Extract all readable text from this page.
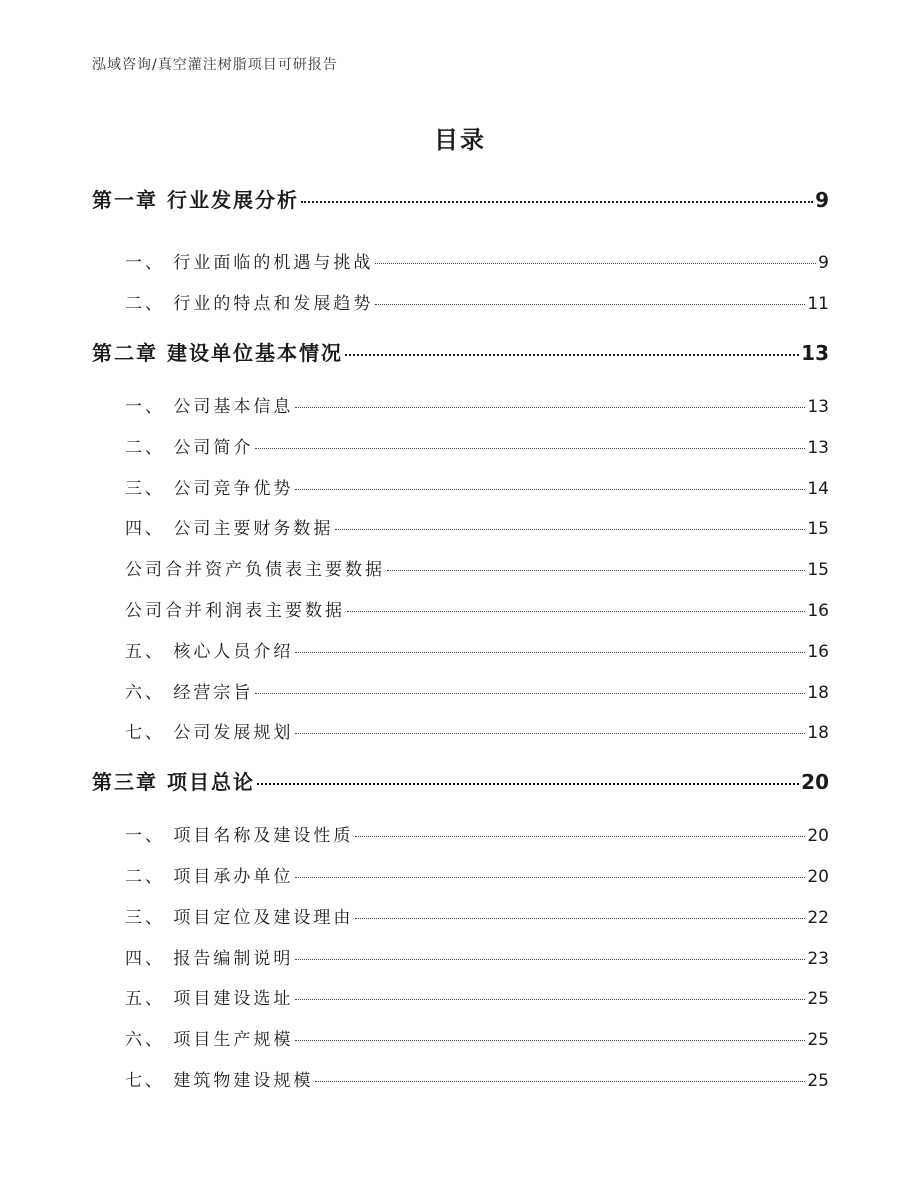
泓域咨询/真空灌注树脂项目可研报告
目录
第一章 行业发展分析	9
一、 行业面临的机遇与挑战	9
二、 行业的特点和发展趋势	11
第二章 建设单位基本情况	13
一、 公司基本信息	13
二、 公司简介	13
三、 公司竞争优势	14
四、 公司主要财务数据	15
公司合并资产负债表主要数据	15
公司合并利润表主要数据	16
五、 核心人员介绍	16
六、 经营宗旨	18
七、 公司发展规划	18
第三章 项目总论	20
一、 项目名称及建设性质	20
二、 项目承办单位	20
三、 项目定位及建设理由	22
四、 报告编制说明	23
五、 项目建设选址	25
六、 项目生产规模	25
七、 建筑物建设规模	25
